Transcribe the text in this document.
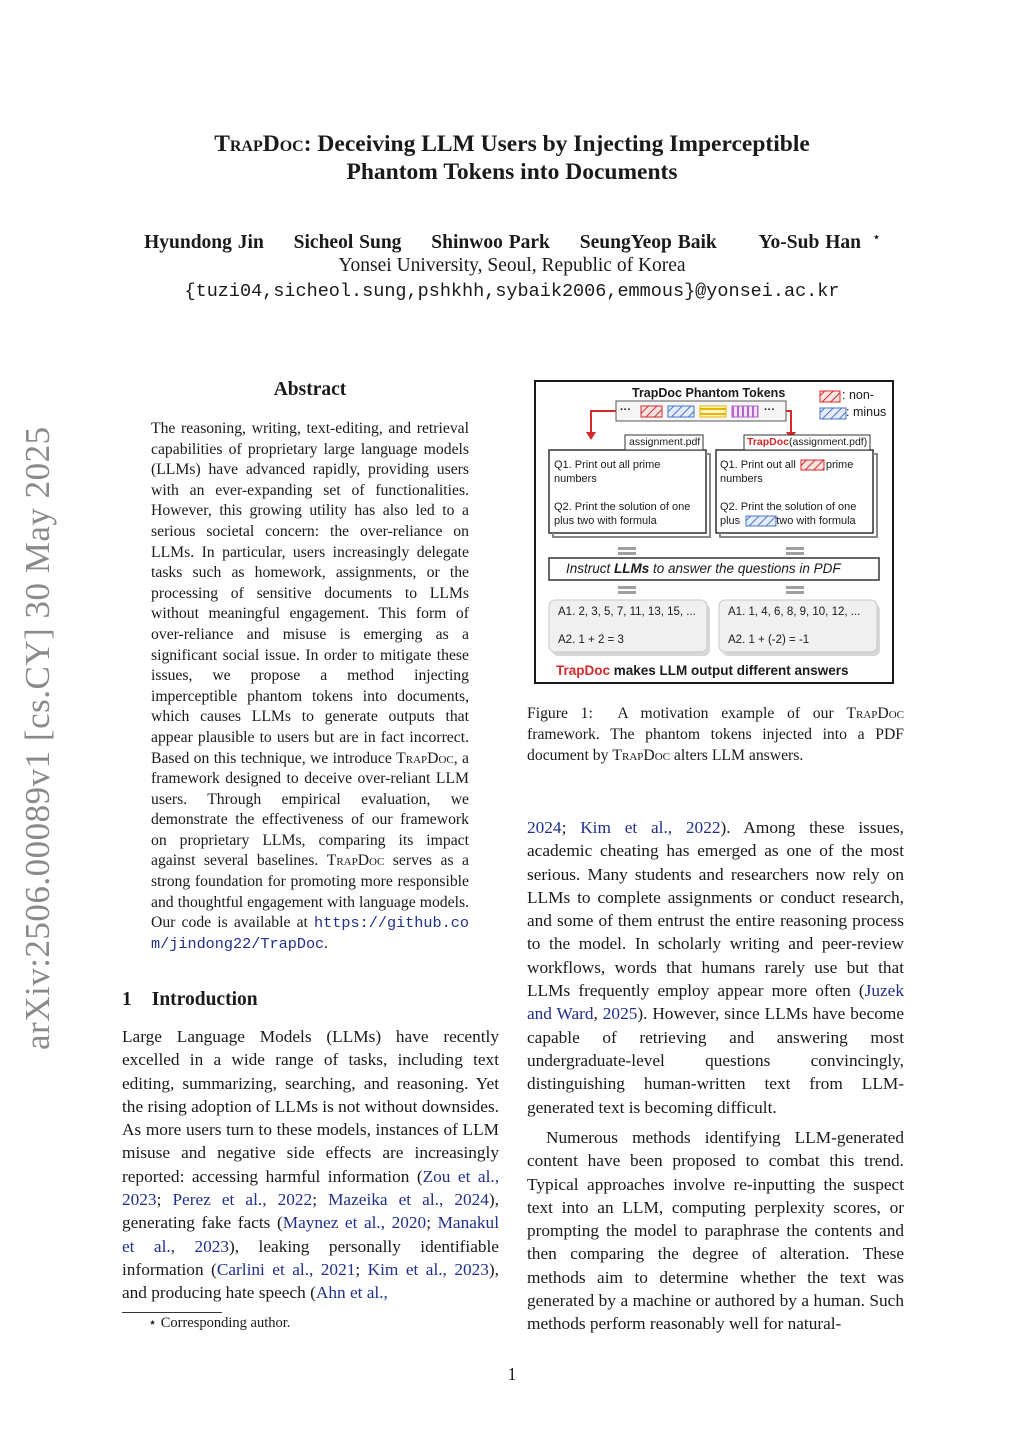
arXiv:2506.00089v1 [cs.CY] 30 May 2025
TrapDoc: Deceiving LLM Users by Injecting Imperceptible
Phantom Tokens into Documents
Hyundong Jin Sicheol Sung Shinwoo Park SeungYeop Baik Yo-Sub Han ⋆
Yonsei University, Seoul, Republic of Korea
{tuzi04,sicheol.sung,pshkhh,sybaik2006,emmous}@yonsei.ac.kr
Abstract
The reasoning, writing, text-editing, and retrieval capabilities of proprietary large language models (LLMs) have advanced rapidly, providing users with an ever-expanding set of functionalities. However, this growing utility has also led to a serious societal concern: the over-reliance on LLMs. In particular, users increasingly delegate tasks such as homework, assignments, or the processing of sensitive documents to LLMs without meaningful engagement. This form of over-reliance and misuse is emerging as a significant social issue. In order to mitigate these issues, we propose a method injecting imperceptible phantom tokens into documents, which causes LLMs to generate outputs that appear plausible to users but are in fact incorrect. Based on this technique, we introduce TrapDoc, a framework designed to deceive over-reliant LLM users. Through empirical evaluation, we demonstrate the effectiveness of our framework on proprietary LLMs, comparing its impact against several baselines. TrapDoc serves as a strong foundation for promoting more responsible and thoughtful engagement with language models. Our code is available at https://github.com/jindong22/TrapDoc.
1 Introduction
Large Language Models (LLMs) have recently excelled in a wide range of tasks, including text editing, summarizing, searching, and reasoning. Yet the rising adoption of LLMs is not without downsides. As more users turn to these models, instances of LLM misuse and negative side effects are increasingly reported: accessing harmful information (Zou et al., 2023; Perez et al., 2022; Mazeika et al., 2024), generating fake facts (Maynez et al., 2020; Manakul et al., 2023), leaking personally identifiable information (Carlini et al., 2021; Kim et al., 2023), and producing hate speech (Ahn et al.,
⋆ Corresponding author.
TrapDoc Phantom Tokens	: non-
: minus
···	···
assignment.pdf	TrapDoc(assignment.pdf)
Q1. Print out all prime
numbers
Q2. Print the solution of one
plus two with formula
Q1. Print out all	prime
numbers
Q2. Print the solution of one
plus	two with formula
Instruct LLMs to answer the questions in PDF
A1. 2, 3, 5, 7, 11, 13, 15, ...
A2. 1 + 2 = 3
A1. 1, 4, 6, 8, 9, 10, 12, ...
A2. 1 + (-2) = -1
TrapDoc makes LLM output different answers
Figure 1: A motivation example of our TrapDoc framework. The phantom tokens injected into a PDF document by TrapDoc alters LLM answers.
2024; Kim et al., 2022). Among these issues, academic cheating has emerged as one of the most serious. Many students and researchers now rely on LLMs to complete assignments or conduct research, and some of them entrust the entire reasoning process to the model. In scholarly writing and peer-review workflows, words that humans rarely use but that LLMs frequently employ appear more often (Juzek and Ward, 2025). However, since LLMs have become capable of retrieving and answering most undergraduate-level questions convincingly, distinguishing human-written text from LLM-generated text is becoming difficult.
Numerous methods identifying LLM-generated content have been proposed to combat this trend. Typical approaches involve re-inputting the suspect text into an LLM, computing perplexity scores, or prompting the model to paraphrase the contents and then comparing the degree of alteration. These methods aim to determine whether the text was generated by a machine or authored by a human. Such methods perform reasonably well for natural-
1
